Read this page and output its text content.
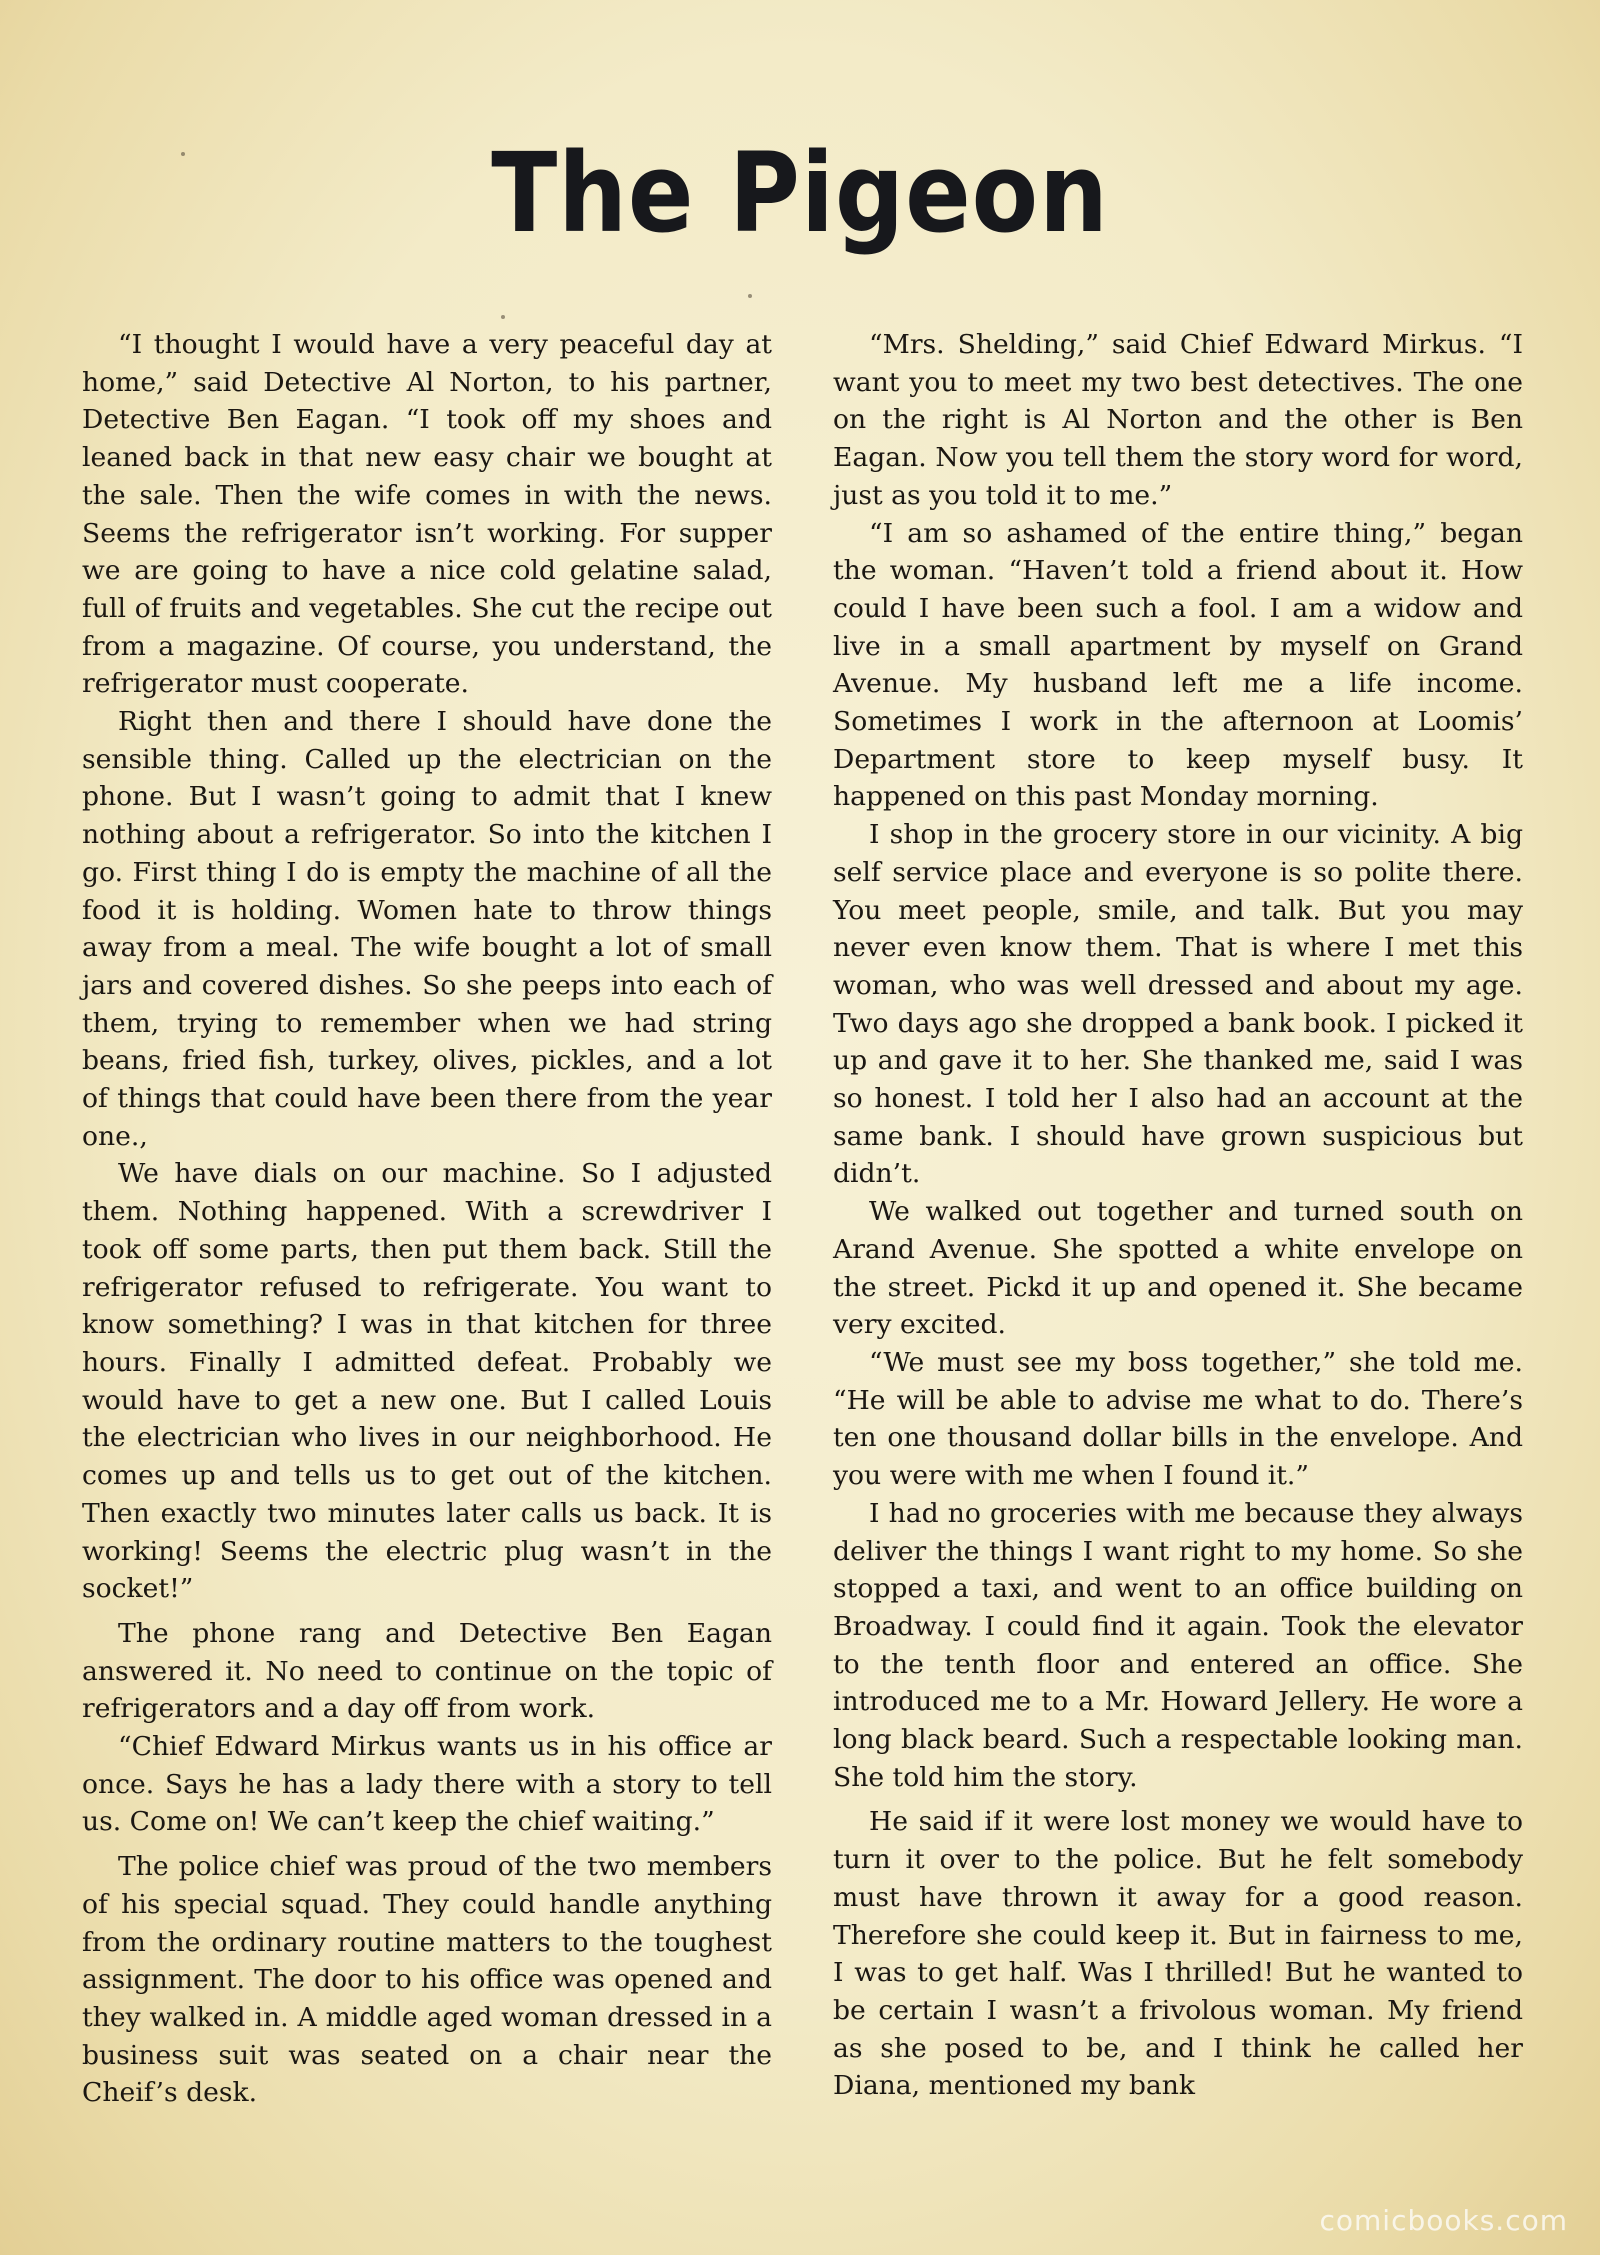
The Pigeon

“I thought I would have a very peaceful day at home,” said Detective Al Norton, to his partner, Detective Ben Eagan. “I took off my shoes and leaned back in that new easy chair we bought at the sale. Then the wife comes in with the news. Seems the refrigerator isn’t working. For supper we are going to have a nice cold gelatine salad, full of fruits and vegetables. She cut the recipe out from a magazine. Of course, you understand, the refrigerator must cooperate.

Right then and there I should have done the sensible thing. Called up the electrician on the phone. But I wasn’t going to admit that I knew nothing about a refrigerator. So into the kitchen I go. First thing I do is empty the machine of all the food it is holding. Women hate to throw things away from a meal. The wife bought a lot of small jars and covered dishes. So she peeps into each of them, trying to remember when we had string beans, fried fish, turkey, olives, pickles, and a lot of things that could have been there from the year one.,

We have dials on our machine. So I adjusted them. Nothing happened. With a screwdriver I took off some parts, then put them back. Still the refrigerator refused to refrigerate. You want to know something? I was in that kitchen for three hours. Finally I admitted defeat. Probably we would have to get a new one. But I called Louis the electrician who lives in our neighborhood. He comes up and tells us to get out of the kitchen. Then exactly two minutes later calls us back. It is working! Seems the electric plug wasn’t in the socket!”

The phone rang and Detective Ben Eagan answered it. No need to continue on the topic of refrigerators and a day off from work.

“Chief Edward Mirkus wants us in his office ar once. Says he has a lady there with a story to tell us. Come on! We can’t keep the chief waiting.”

The police chief was proud of the two members of his special squad. They could handle anything from the ordinary routine matters to the toughest assignment. The door to his office was opened and they walked in. A middle aged woman dressed in a business suit was seated on a chair near the Cheif’s desk.

“Mrs. Shelding,” said Chief Edward Mirkus. “I want you to meet my two best detectives. The one on the right is Al Norton and the other is Ben Eagan. Now you tell them the story word for word, just as you told it to me.”

“I am so ashamed of the entire thing,” began the woman. “Haven’t told a friend about it. How could I have been such a fool. I am a widow and live in a small apartment by myself on Grand Avenue. My husband left me a life income. Sometimes I work in the afternoon at Loomis’ Department store to keep myself busy. It happened on this past Monday morning.

I shop in the grocery store in our vicinity. A big self service place and everyone is so polite there. You meet people, smile, and talk. But you may never even know them. That is where I met this woman, who was well dressed and about my age. Two days ago she dropped a bank book. I picked it up and gave it to her. She thanked me, said I was so honest. I told her I also had an account at the same bank. I should have grown suspicious but didn’t.

We walked out together and turned south on Arand Avenue. She spotted a white envelope on the street. Pickd it up and opened it. She became very excited.

“We must see my boss together,” she told me. “He will be able to advise me what to do. There’s ten one thousand dollar bills in the envelope. And you were with me when I found it.”

I had no groceries with me because they always deliver the things I want right to my home. So she stopped a taxi, and went to an office building on Broadway. I could find it again. Took the elevator to the tenth floor and entered an office. She introduced me to a Mr. Howard Jellery. He wore a long black beard. Such a respectable looking man. She told him the story.

He said if it were lost money we would have to turn it over to the police. But he felt somebody must have thrown it away for a good reason. Therefore she could keep it. But in fairness to me, I was to get half. Was I thrilled! But he wanted to be certain I wasn’t a frivolous woman. My friend as she posed to be, and I think he called her Diana, mentioned my bank

comicbooks.com
